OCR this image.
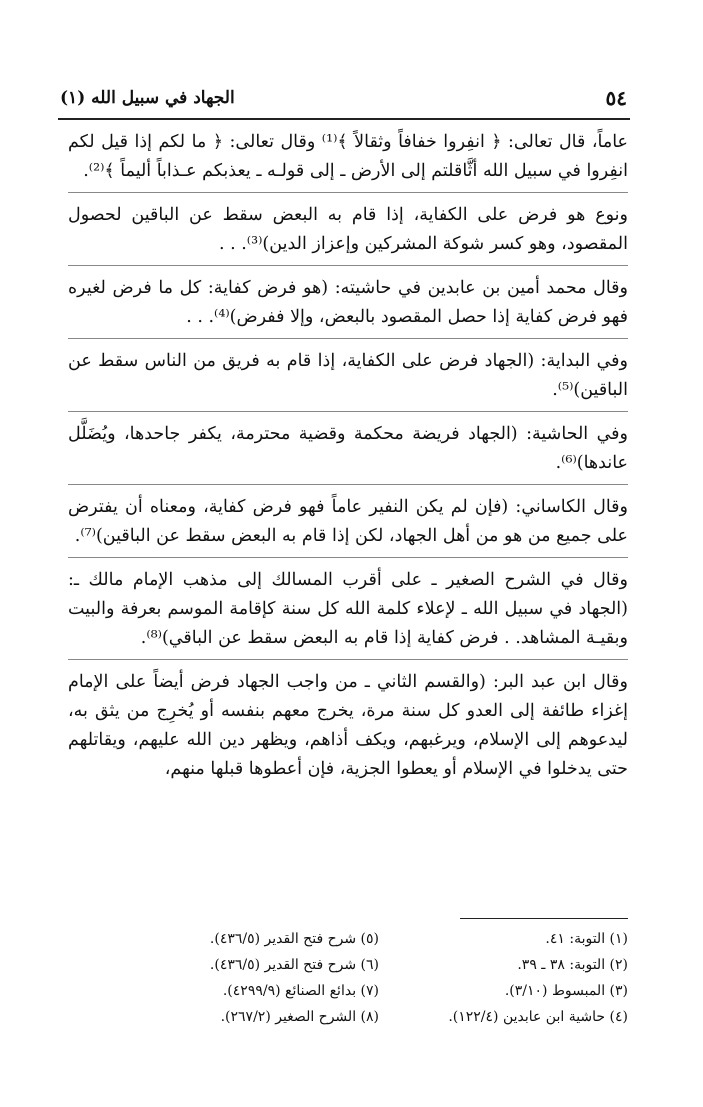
٥٤
الجهاد في سبيل الله (١)

عاماً، قال تعالى: ﴿ انفِروا خفافاً وثقالاً ﴾⁽¹⁾ وقال تعالى: ﴿ ما لكم إذا قيل لكم انفِروا في سبيل الله أثَّاقلتم إلى الأرض ـ إلى قولـه ـ يعذبكم عـذاباً أليماً ﴾⁽²⁾.

ونوع هو فرض على الكفاية، إذا قام به البعض سقط عن الباقين لحصول المقصود، وهو كسر شوكة المشركين وإعزاز الدين)⁽³⁾. . .

وقال محمد أمين بن عابدين في حاشيته: (هو فرض كفاية: كل ما فرض لغيره فهو فرض كفاية إذا حصل المقصود بالبعض، وإلا ففرض)⁽⁴⁾. . .

وفي البداية: (الجهاد فرض على الكفاية، إذا قام به فريق من الناس سقط عن الباقين)⁽⁵⁾.

وفي الحاشية: (الجهاد فريضة محكمة وقضية محترمة، يكفر جاحدها، ويُضَلَّل عاندها)⁽⁶⁾.

وقال الكاساني: (فإن لم يكن النفير عاماً فهو فرض كفاية، ومعناه أن يفترض على جميع من هو من أهل الجهاد، لكن إذا قام به البعض سقط عن الباقين)⁽⁷⁾.

وقال في الشرح الصغير ـ على أقرب المسالك إلى مذهب الإمام مالك ـ: (الجهاد في سبيل الله ـ لإعلاء كلمة الله كل سنة كإقامة الموسم بعرفة والبيت وبقيـة المشاهد. . فرض كفاية إذا قام به البعض سقط عن الباقي)⁽⁸⁾.

وقال ابن عبد البر: (والقسم الثاني ـ من واجب الجهاد فرض أيضاً على الإمام إغزاء طائفة إلى العدو كل سنة مرة، يخرج معهم بنفسه أو يُخرِج من يثق به، ليدعوهم إلى الإسلام، ويرغبهم، ويكف أذاهم، ويظهر دين الله عليهم، ويقاتلهم حتى يدخلوا في الإسلام أو يعطوا الجزية، فإن أعطوها قبلها منهم،

(١) التوبة: ٤١.
(٢) التوبة: ٣٨ ـ ٣٩.
(٣) المبسوط (٣/١٠).
(٤) حاشية ابن عابدين (١٢٢/٤).
(٥) شرح فتح القدير (٤٣٦/٥).
(٦) شرح فتح القدير (٤٣٦/٥).
(٧) بدائع الصنائع (٤٢٩٩/٩).
(٨) الشرح الصغير (٢٦٧/٢).
